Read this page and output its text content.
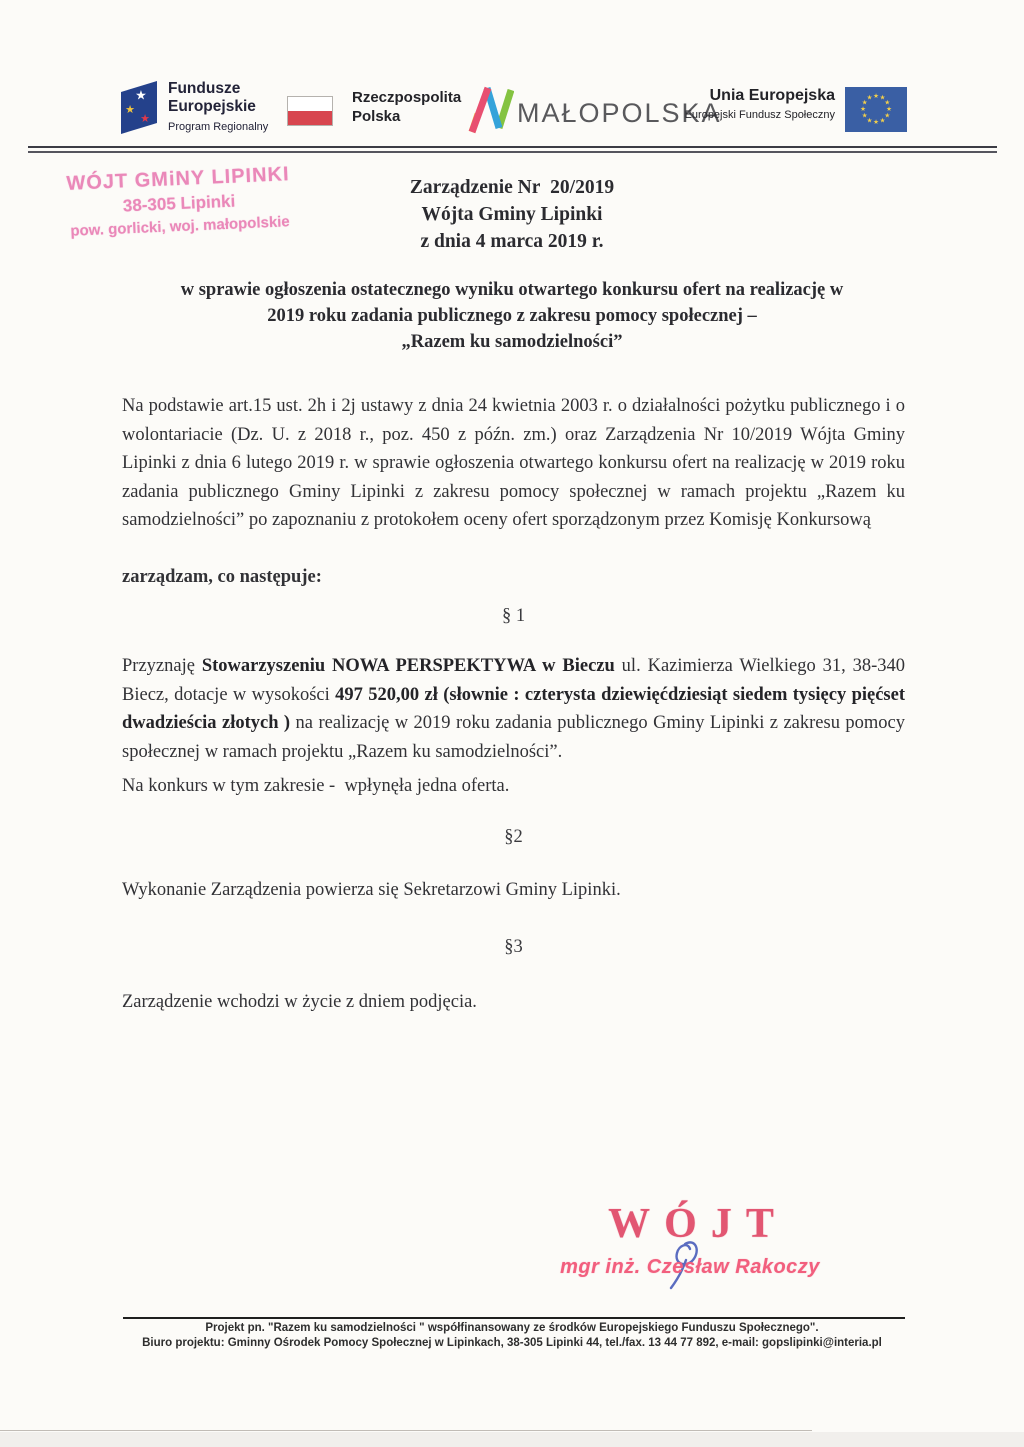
★
★
★
Fundusze
Europejskie
Program Regionalny
Rzeczpospolita
Polska	MAŁOPOLSKA
Unia Europejska
Europejski Fundusz Społeczny
★ ★
★
★
★
★
★
★
★
★
★
★
WÓJT GMiNY LIPINKI
38-305 Lipinki
pow. gorlicki, woj. małopolskie
Zarządzenie Nr  20/2019
Wójta Gminy Lipinki
z dnia 4 marca 2019 r.
w sprawie ogłoszenia ostatecznego wyniku otwartego konkursu ofert na realizację w
2019 roku zadania publicznego z zakresu pomocy społecznej –
„Razem ku samodzielności”

Na podstawie art.15 ust. 2h i 2j ustawy z dnia 24 kwietnia 2003 r. o działalności pożytku publicznego i o wolontariacie (Dz. U. z 2018 r., poz. 450 z późn. zm.) oraz Zarządzenia Nr 10/2019 Wójta Gminy Lipinki z dnia 6 lutego 2019 r. w sprawie ogłoszenia otwartego konkursu ofert na realizację w 2019 roku zadania publicznego Gminy Lipinki z zakresu pomocy społecznej w ramach projektu „Razem ku samodzielności” po zapoznaniu z protokołem oceny ofert sporządzonym przez Komisję Konkursową

zarządzam, co następuje:

§ 1

Przyznaję Stowarzyszeniu NOWA PERSPEKTYWA w Bieczu ul. Kazimierza Wielkiego 31, 38-340 Biecz, dotacje w wysokości 497 520,00 zł (słownie : czterysta dziewięćdziesiąt siedem tysięcy pięćset dwadzieścia złotych ) na realizację w 2019 roku zadania publicznego Gminy Lipinki z zakresu pomocy społecznej w ramach projektu „Razem ku samodzielności”.

Na konkurs w tym zakresie -  wpłynęła jedna oferta.

§2

Wykonanie Zarządzenia powierza się Sekretarzowi Gminy Lipinki.

§3

Zarządzenie wchodzi w życie z dniem podjęcia.

WÓJT
mgr inż. Czesław Rakoczy
Projekt pn. "Razem ku samodzielności " współfinansowany ze środków Europejskiego Funduszu Społecznego".
Biuro projektu: Gminny Ośrodek Pomocy Społecznej w Lipinkach, 38-305 Lipinki 44, tel./fax. 13 44 77 892, e-mail: gopslipinki@interia.pl
